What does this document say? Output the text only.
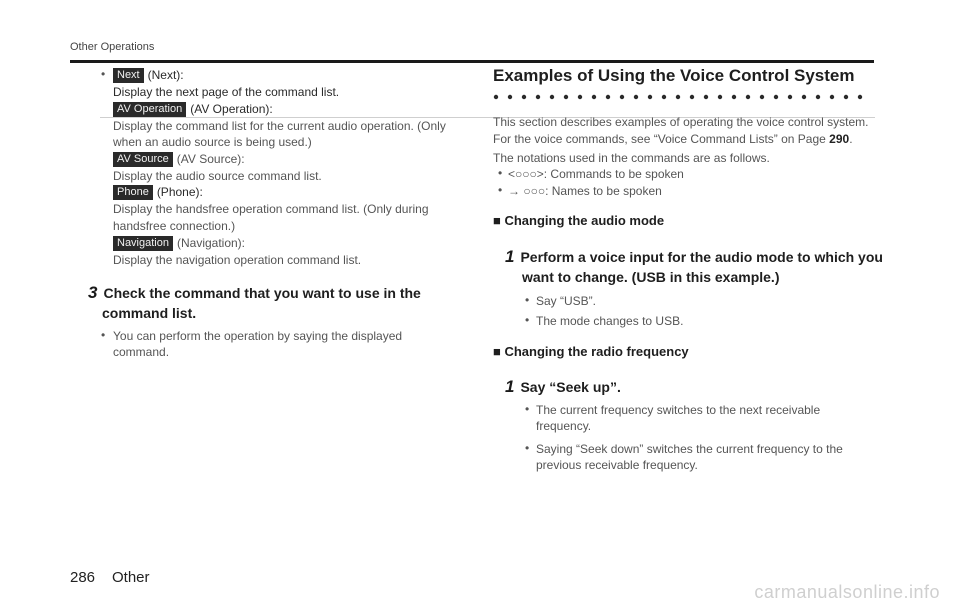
Other Operations
•	Next (Next):
Display the next page of the command list.
AV Operation (AV Operation):
Display the command list for the current audio operation. (Only
when an audio source is being used.)
AV Source (AV Source):
Display the audio source command list.
Phone (Phone):
Display the handsfree operation command list. (Only during
handsfree connection.)
Navigation (Navigation):
Display the navigation operation command list.
3 Check the command that you want to use in the
command list.
• You can perform the operation by saying the displayed
command.
Examples of Using the Voice Control System
This section describes examples of operating the voice control system.
For the voice commands, see “Voice Command Lists” on Page 290.
The notations used in the commands are as follows.
• <○○○>: Commands to be spoken
• → ○○○: Names to be spoken
■ Changing the audio mode
1 Perform a voice input for the audio mode to which you
want to change. (USB in this example.)
• Say “USB”.
• The mode changes to USB.
■ Changing the radio frequency
1 Say “Seek up”.
• The current frequency switches to the next receivable
frequency.
• Saying “Seek down” switches the current frequency to the
previous receivable frequency.
286 Other
carmanualsonline.info
